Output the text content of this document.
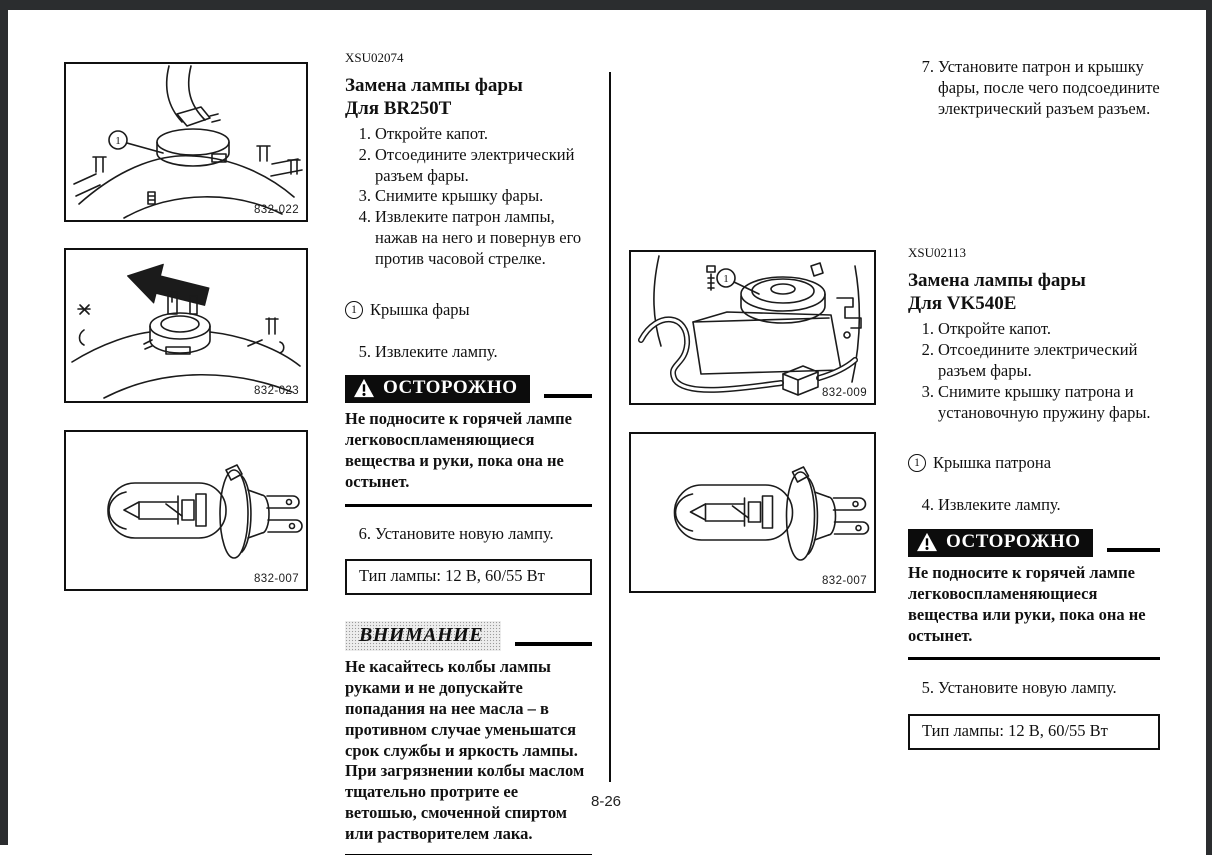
1
832-022
832-023
832-007

XSU02074

Замена лампы фары

Для BR250T

1. Откройте капот.
2. Отсоедините электрический разъем фары.
3. Снимите крышку фары.
4. Извлеките патрон лампы, нажав на него и повернув его против часовой стрелке.
1 Крышка фары
5. Извлеките лампу.
ОСТОРОЖНО

Не подносите к горячей лампе легковоспламеняющиеся вещества и руки, пока она не остынет.

6. Установите новую лампу.
Тип лампы: 12 В, 60/55 Вт
ВНИМАНИЕ

Не касайтесь колбы лампы руками и не допускайте попадания на нее масла – в противном случае уменьшатся срок службы и яркость лампы. При загрязнении колбы маслом тщательно протрите ее ветошью, смоченной спиртом или растворителем лака.

1
832-009
832-007
7. Установите патрон и крышку фары, после чего подсоедините электрический разъем разъем.

XSU02113

Замена лампы фары

Для VK540E

1. Откройте капот.
2. Отсоедините электрический разъем фары.
3. Снимите крышку патрона и установочную пружину фары.
1 Крышка патрона
4. Извлеките лампу.
ОСТОРОЖНО

Не подносите к горячей лампе легковоспламеняющиеся вещества или руки, пока она не остынет.

5. Установите новую лампу.
Тип лампы: 12 В, 60/55 Вт
8-26
